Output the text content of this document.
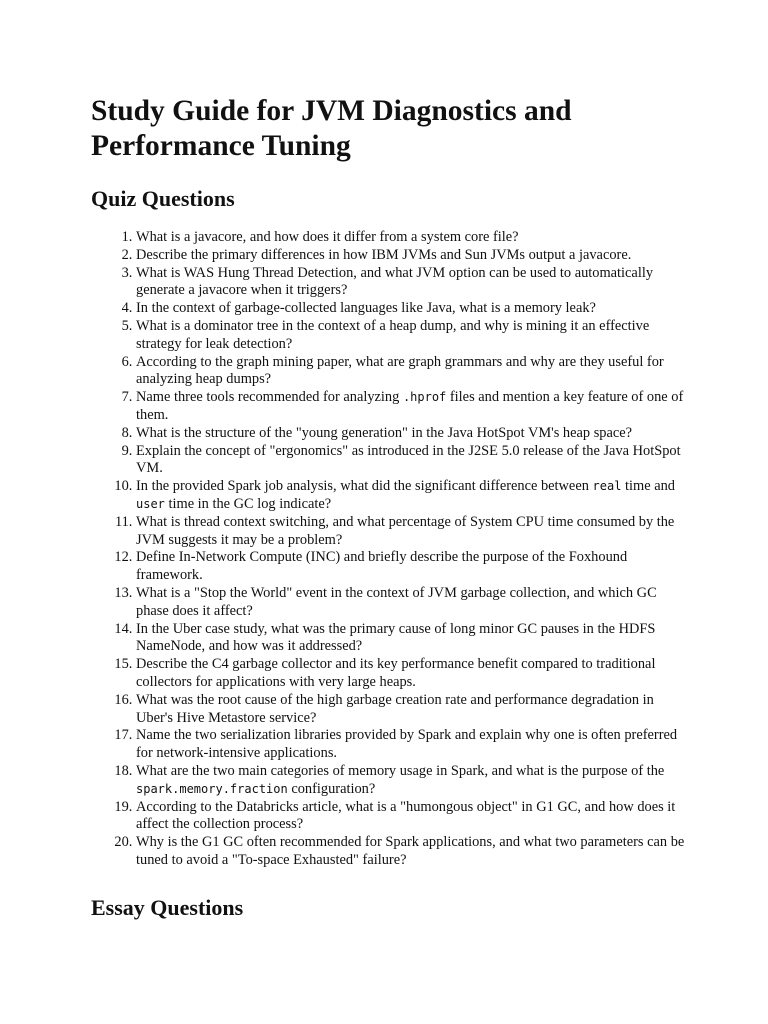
Study Guide for JVM Diagnostics and Performance Tuning
Quiz Questions
1. What is a javacore, and how does it differ from a system core file?
2. Describe the primary differences in how IBM JVMs and Sun JVMs output a javacore.
3. What is WAS Hung Thread Detection, and what JVM option can be used to automatically generate a javacore when it triggers?
4. In the context of garbage-collected languages like Java, what is a memory leak?
5. What is a dominator tree in the context of a heap dump, and why is mining it an effective strategy for leak detection?
6. According to the graph mining paper, what are graph grammars and why are they useful for analyzing heap dumps?
7. Name three tools recommended for analyzing .hprof files and mention a key feature of one of them.
8. What is the structure of the "young generation" in the Java HotSpot VM's heap space?
9. Explain the concept of "ergonomics" as introduced in the J2SE 5.0 release of the Java HotSpot VM.
10. In the provided Spark job analysis, what did the significant difference between real time and user time in the GC log indicate?
11. What is thread context switching, and what percentage of System CPU time consumed by the JVM suggests it may be a problem?
12. Define In-Network Compute (INC) and briefly describe the purpose of the Foxhound framework.
13. What is a "Stop the World" event in the context of JVM garbage collection, and which GC phase does it affect?
14. In the Uber case study, what was the primary cause of long minor GC pauses in the HDFS NameNode, and how was it addressed?
15. Describe the C4 garbage collector and its key performance benefit compared to traditional collectors for applications with very large heaps.
16. What was the root cause of the high garbage creation rate and performance degradation in Uber's Hive Metastore service?
17. Name the two serialization libraries provided by Spark and explain why one is often preferred for network-intensive applications.
18. What are the two main categories of memory usage in Spark, and what is the purpose of the spark.memory.fraction configuration?
19. According to the Databricks article, what is a "humongous object" in G1 GC, and how does it affect the collection process?
20. Why is the G1 GC often recommended for Spark applications, and what two parameters can be tuned to avoid a "To-space Exhausted" failure?
Essay Questions
